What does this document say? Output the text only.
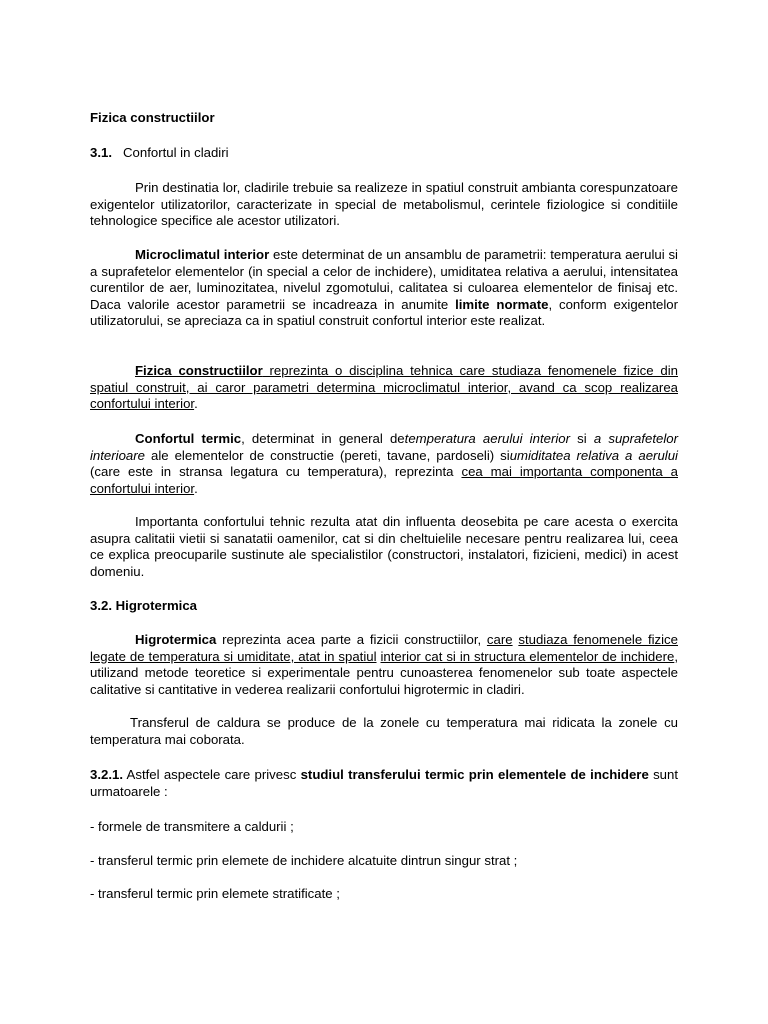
Fizica constructiilor

3.1. Confortul in cladiri

Prin destinatia lor, cladirile trebuie sa realizeze in spatiul construit ambianta corespunzatoare exigentelor utilizatorilor, caracterizate in special de metabolismul, cerintele fiziologice si conditiile tehnologice specifice ale acestor utilizatori.

Microclimatul interior este determinat de un ansamblu de parametrii: temperatura aerului si a suprafetelor elementelor (in special a celor de inchidere), umiditatea relativa a aerului, intensitatea curentilor de aer, luminozitatea, nivelul zgomotului, calitatea si culoarea elementelor de finisaj etc. Daca valorile acestor parametrii se incadreaza in anumite limite normate, conform exigentelor utilizatorului, se apreciaza ca in spatiul construit confortul interior este realizat.

Fizica constructiilor reprezinta o disciplina tehnica care studiaza fenomenele fizice din spatiul construit, ai caror parametri determina microclimatul interior, avand ca scop realizarea confortului interior.

Confortul termic, determinat in general detemperatura aerului interior si a suprafetelor interioare ale elementelor de constructie (pereti, tavane, pardoseli) siumiditatea relativa a aerului (care este in stransa legatura cu temperatura), reprezinta cea mai importanta componenta a confortului interior.

Importanta confortului tehnic rezulta atat din influenta deosebita pe care acesta o exercita asupra calitatii vietii si sanatatii oamenilor, cat si din cheltuielile necesare pentru realizarea lui, ceea ce explica preocuparile sustinute ale specialistilor (constructori, instalatori, fizicieni, medici) in acest domeniu.

3.2. Higrotermica

Higrotermica reprezinta acea parte a fizicii constructiilor, care studiaza fenomenele fizice legate de temperatura si umiditate, atat in spatiul interior cat si in structura elementelor de inchidere, utilizand metode teoretice si experimentale pentru cunoasterea fenomenelor sub toate aspectele calitative si cantitative in vederea realizarii confortului higrotermic in cladiri.

Transferul de caldura se produce de la zonele cu temperatura mai ridicata la zonele cu temperatura mai coborata.

3.2.1. Astfel aspectele care privesc studiul transferului termic prin elementele de inchidere sunt urmatoarele :

- formele de transmitere a caldurii ;

- transferul termic prin elemete de inchidere alcatuite dintrun singur strat ;

- transferul termic prin elemete stratificate ;
